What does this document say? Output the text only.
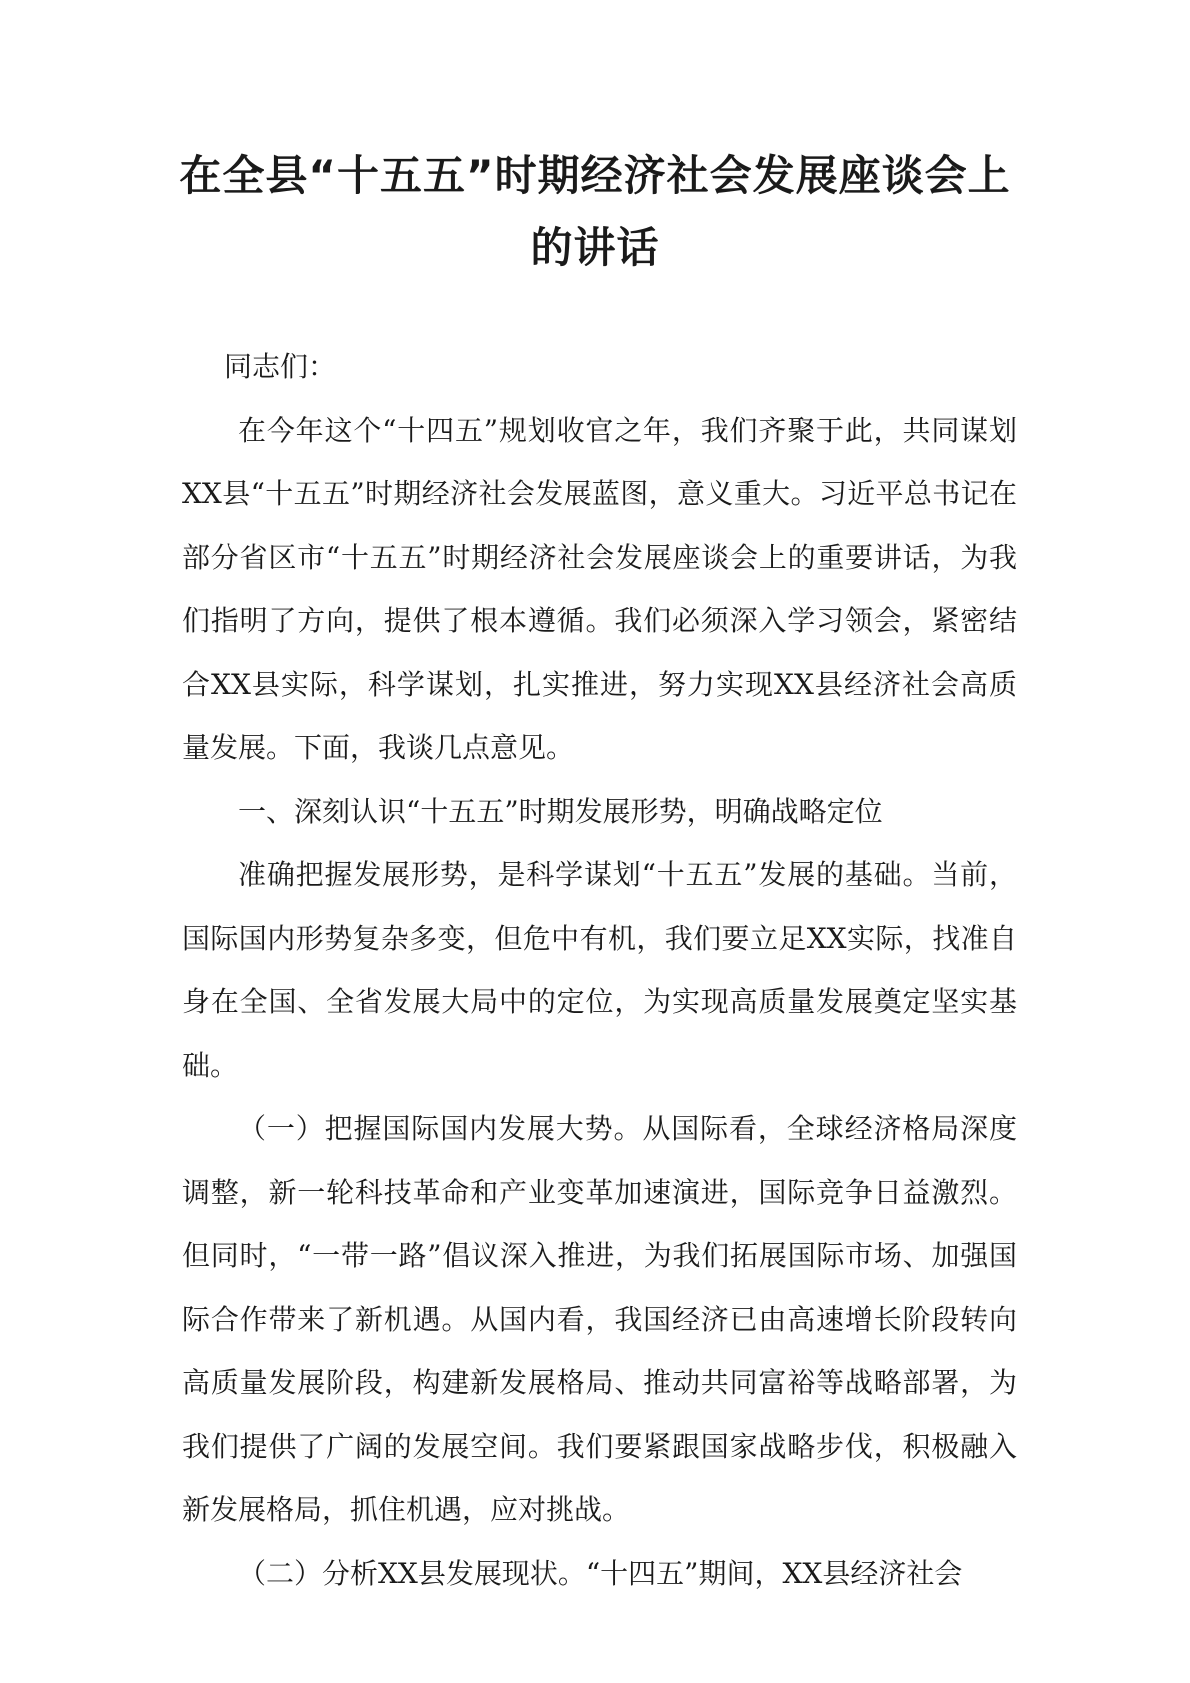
在全县“十五五”时期经济社会发展座谈会上的讲话

同志们：

在今年这个“十四五”规划收官之年，我们齐聚于此，共同谋划XX县“十五五”时期经济社会发展蓝图，意义重大。习近平总书记在部分省区市“十五五”时期经济社会发展座谈会上的重要讲话，为我们指明了方向，提供了根本遵循。我们必须深入学习领会，紧密结合XX县实际，科学谋划，扎实推进，努力实现XX县经济社会高质量发展。下面，我谈几点意见。

一、深刻认识“十五五”时期发展形势，明确战略定位

准确把握发展形势，是科学谋划“十五五”发展的基础。当前，国际国内形势复杂多变，但危中有机，我们要立足XX实际，找准自身在全国、全省发展大局中的定位，为实现高质量发展奠定坚实基础。

（一）把握国际国内发展大势。从国际看，全球经济格局深度调整，新一轮科技革命和产业变革加速演进，国际竞争日益激烈。但同时，“一带一路”倡议深入推进，为我们拓展国际市场、加强国际合作带来了新机遇。从国内看，我国经济已由高速增长阶段转向高质量发展阶段，构建新发展格局、推动共同富裕等战略部署，为我们提供了广阔的发展空间。我们要紧跟国家战略步伐，积极融入新发展格局，抓住机遇，应对挑战。

（二）分析XX县发展现状。“十四五”期间，XX县经济社会
